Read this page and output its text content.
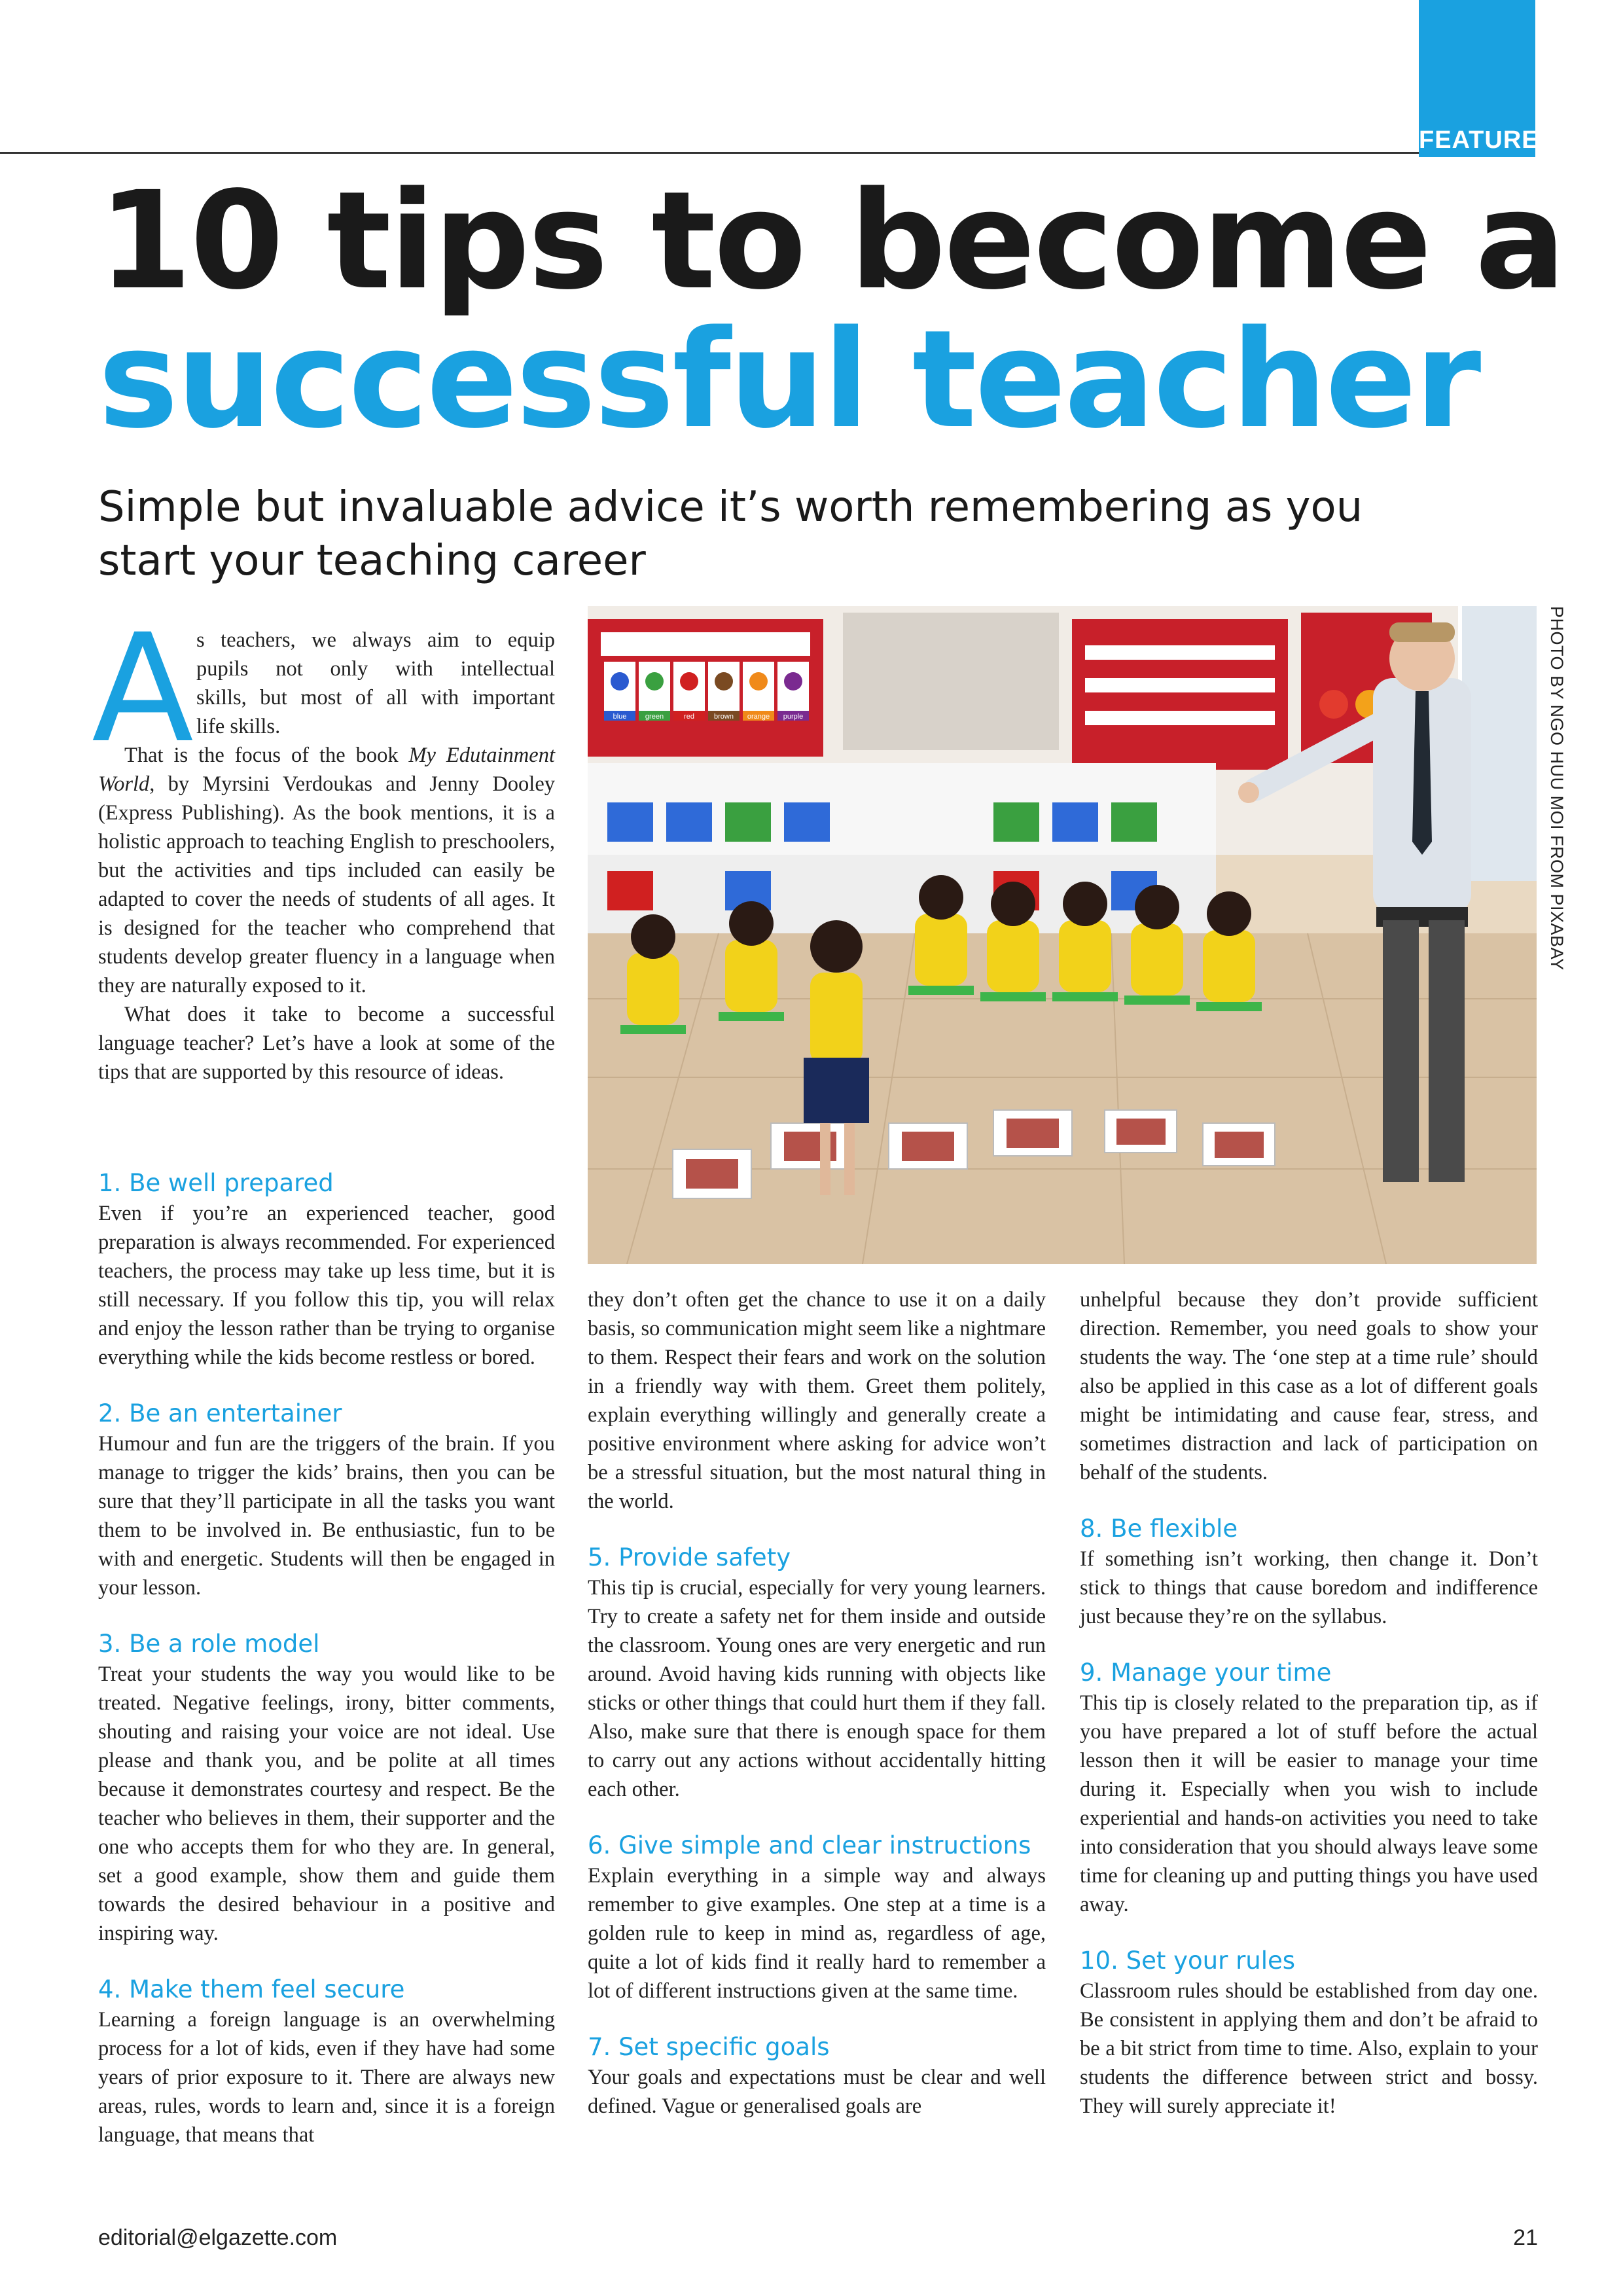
FEATURE
10 tips to become a
successful teacher
Simple but invaluable advice it’s worth remembering as you start your teaching career
blue	green	red	brown orange purple	PHOTO BY NGO HUU MOI FROM PIXABAY
A s teachers, we always aim to equip

pupils not only with intellectual

skills, but most of all with important

life skills.

That is the focus of the book My Edutainment World, by Myrsini Verdoukas and Jenny Dooley (Express Publishing). As the book mentions, it is a holistic approach to teaching English to preschoolers, but the activities and tips included can easily be adapted to cover the needs of students of all ages. It is designed for the teacher who comprehend that students develop greater fluency in a language when they are naturally exposed to it.

What does it take to become a successful language teacher? Let’s have a look at some of the tips that are supported by this resource of ideas.

1. Be well prepared

Even if you’re an experienced teacher, good preparation is always recommended. For experienced teachers, the process may take up less time, but it is still necessary. If you follow this tip, you will relax and enjoy the lesson rather than be trying to organise everything while the kids become restless or bored.

2. Be an entertainer

Humour and fun are the triggers of the brain. If you manage to trigger the kids’ brains, then you can be sure that they’ll participate in all the tasks you want them to be involved in. Be enthusiastic, fun to be with and energetic. Students will then be engaged in your lesson.

3. Be a role model

Treat your students the way you would like to be treated. Negative feelings, irony, bitter comments, shouting and raising your voice are not ideal. Use please and thank you, and be polite at all times because it demonstrates courtesy and respect. Be the teacher who believes in them, their supporter and the one who accepts them for who they are. In general, set a good example, show them and guide them towards the desired behaviour in a positive and inspiring way.

4. Make them feel secure

Learning a foreign language is an overwhelming process for a lot of kids, even if they have had some years of prior exposure to it. There are always new areas, rules, words to learn and, since it is a foreign language, that means that

they don’t often get the chance to use it on a daily basis, so communication might seem like a nightmare to them. Respect their fears and work on the solution in a friendly way with them. Greet them politely, explain everything willingly and generally create a positive environment where asking for advice won’t be a stressful situation, but the most natural thing in the world.

5. Provide safety

This tip is crucial, especially for very young learners. Try to create a safety net for them inside and outside the classroom. Young ones are very energetic and run around. Avoid having kids running with objects like sticks or other things that could hurt them if they fall. Also, make sure that there is enough space for them to carry out any actions without accidentally hitting each other.

6. Give simple and clear instructions

Explain everything in a simple way and always remember to give examples. One step at a time is a golden rule to keep in mind as, regardless of age, quite a lot of kids find it really hard to remember a lot of different instructions given at the same time.

7. Set specific goals

Your goals and expectations must be clear and well defined. Vague or generalised goals are

unhelpful because they don’t provide sufficient direction. Remember, you need goals to show your students the way. The ‘one step at a time rule’ should also be applied in this case as a lot of different goals might be intimidating and cause fear, stress, and sometimes distraction and lack of participation on behalf of the students.

8. Be flexible

If something isn’t working, then change it. Don’t stick to things that cause boredom and indifference just because they’re on the syllabus.

9. Manage your time

This tip is closely related to the preparation tip, as if you have prepared a lot of stuff before the actual lesson then it will be easier to manage your time during it. Especially when you wish to include experiential and hands-on activities you need to take into consideration that you should always leave some time for cleaning up and putting things you have used away.

10. Set your rules

Classroom rules should be established from day one. Be consistent in applying them and don’t be afraid to be a bit strict from time to time. Also, explain to your students the difference between strict and bossy. They will surely appreciate it!

editorial@elgazette.com	21
